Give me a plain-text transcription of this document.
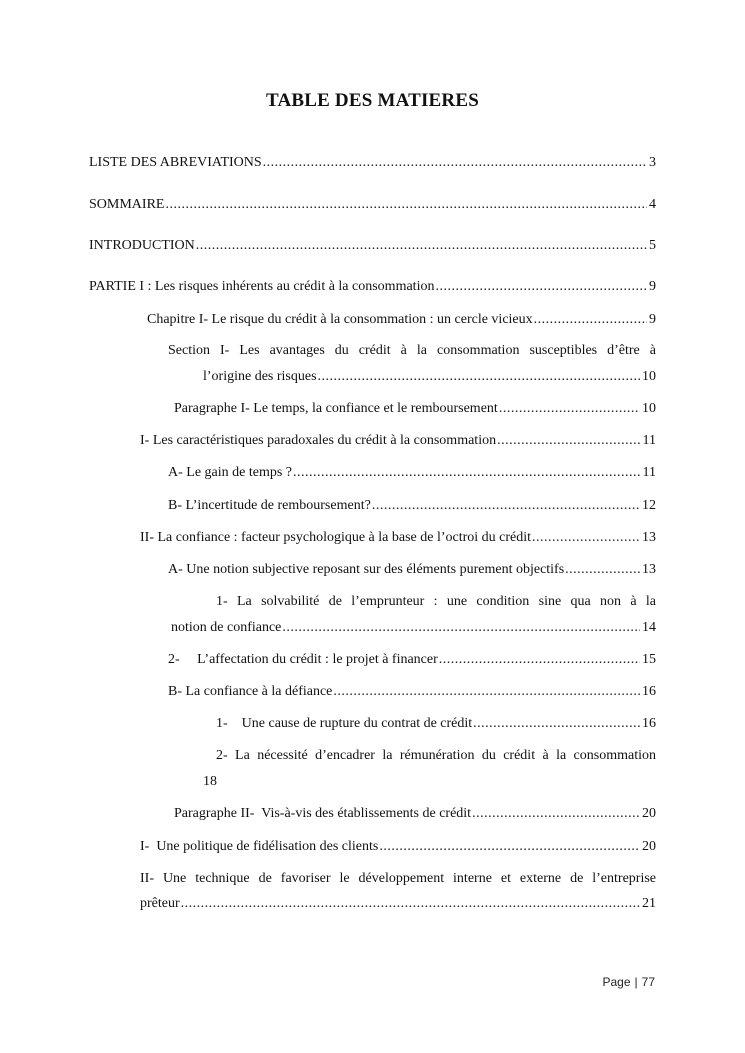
TABLE DES MATIERES
LISTE DES ABREVIATIONS .....	3
SOMMAIRE .....	4
INTRODUCTION .....	5
PARTIE I : Les risques inhérents au crédit à la consommation .....	9
Chapitre I- Le risque du crédit à la consommation : un cercle vicieux .....	9
Section I- Les avantages du crédit à la consommation susceptibles d’être à
l’origine des risques .....	10
Paragraphe I- Le temps, la confiance et le remboursement .....	10
I- Les caractéristiques paradoxales du crédit à la consommation .....	11
A- Le gain de temps ? .....	11
B- L’incertitude de remboursement? .....	12
II- La confiance : facteur psychologique à la base de l’octroi du crédit .....	13
A- Une notion subjective reposant sur des éléments purement objectifs .....	13
1- La solvabilité de l’emprunteur : une condition sine qua non à la
notion de confiance .....	14
2-     L’affectation du crédit : le projet à financer .....	15
B- La confiance à la défiance .....	16
1-    Une cause de rupture du contrat de crédit .....	16
2- La nécessité d’encadrer la rémunération du crédit à la consommation
18
Paragraphe II-  Vis-à-vis des établissements de crédit .....	20
I-  Une politique de fidélisation des clients .....	20
II- Une technique de favoriser le développement interne et externe de l’entreprise
prêteur .....	21
Page | 77
